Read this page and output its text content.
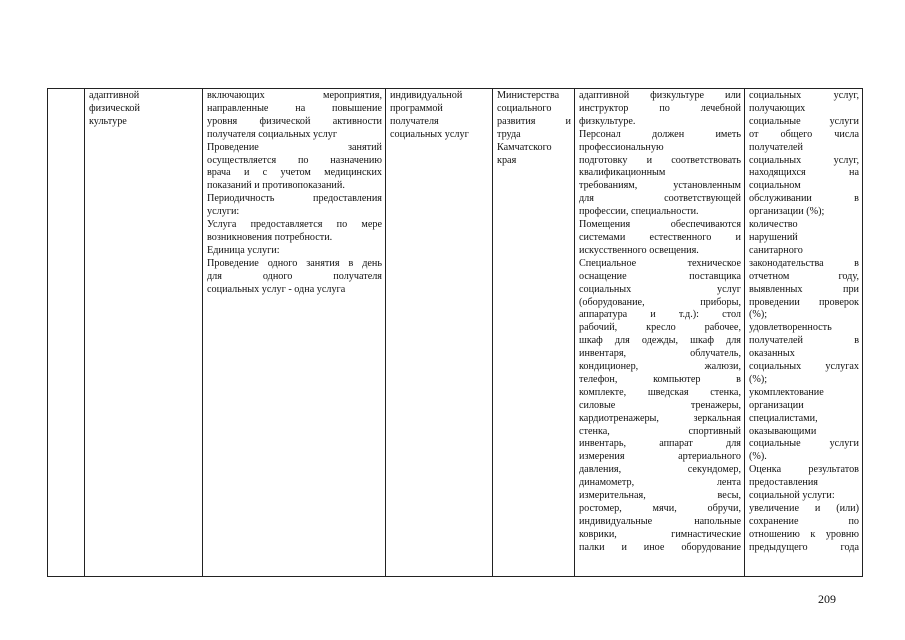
адаптивной
физической
культуре

включающих мероприятия,
направленные на повышение
уровня физической активности
получателя социальных услуг
Проведение занятий
осуществляется по назначению
врача и с учетом медицинских
показаний и противопоказаний.
Периодичность предоставления
услуги:
Услуга предоставляется по мере
возникновения потребности.
Единица услуги:
Проведение одного занятия в день
для одного получателя
социальных услуг - одна услуга

индивидуальной
программой
получателя
социальных услуг

Министерства
социального
развития и
труда
Камчатского
края

адаптивной физкультуре или
инструктор по лечебной
физкультуре.
Персонал должен иметь
профессиональную
подготовку и соответствовать
квалификационным
требованиям, установленным
для соответствующей
профессии, специальности.
Помещения обеспечиваются
системами естественного и
искусственного освещения.
Специальное техническое
оснащение поставщика
социальных услуг
(оборудование, приборы,
аппаратура и т.д.): стол
рабочий, кресло рабочее,
шкаф для одежды, шкаф для
инвентаря, облучатель,
кондиционер, жалюзи,
телефон, компьютер в
комплекте, шведская стенка,
силовые тренажеры,
кардиотренажеры, зеркальная
стенка, спортивный
инвентарь, аппарат для
измерения артериального
давления, секундомер,
динамометр, лента
измерительная, весы,
ростомер, мячи, обручи,
индивидуальные напольные
коврики, гимнастические
палки и иное оборудование

социальных услуг,
получающих
социальные услуги
от общего числа
получателей
социальных услуг,
находящихся на
социальном
обслуживании в
организации (%);
количество
нарушений
санитарного
законодательства в
отчетном году,
выявленных при
проведении проверок
(%);
удовлетворенность
получателей в
оказанных
социальных услугах
(%);
укомплектование
организации
специалистами,
оказывающими
социальные услуги
(%).
Оценка результатов
предоставления
социальной услуги:
увеличение и (или)
сохранение по
отношению к уровню
предыдущего года
209
